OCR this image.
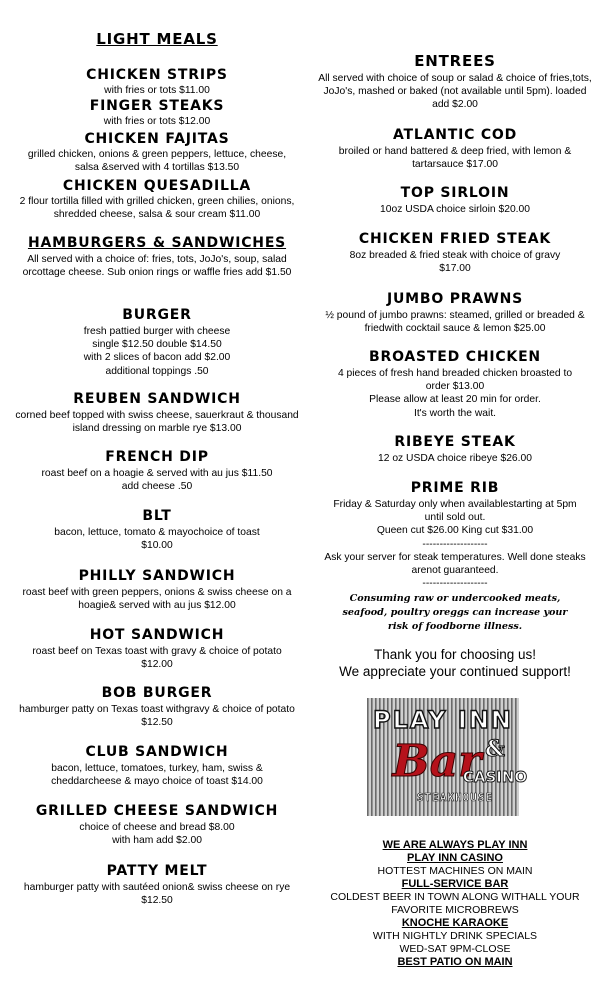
LIGHT MEALS
CHICKEN STRIPS
with fries or tots $11.00
FINGER STEAKS
with fries or tots $12.00
CHICKEN FAJITAS
grilled chicken, onions & green peppers, lettuce, cheese, salsa &served with 4 tortillas $13.50
CHICKEN QUESADILLA
2 flour tortilla filled with grilled chicken, green chilies, onions, shredded cheese, salsa & sour cream $11.00
HAMBURGERS & SANDWICHES
All served with a choice of: fries, tots, JoJo's, soup, salad orcottage cheese. Sub onion rings or waffle fries add $1.50
BURGER
fresh pattied burger with cheese
single $12.50 double $14.50
with 2 slices of bacon add $2.00
additional toppings .50
REUBEN SANDWICH
corned beef topped with swiss cheese, sauerkraut & thousand island dressing on marble rye $13.00
FRENCH DIP
roast beef on a hoagie & served with au jus $11.50
add cheese .50
BLT
bacon, lettuce, tomato & mayochoice of toast
$10.00
PHILLY SANDWICH
roast beef with green peppers, onions & swiss cheese on a hoagie& served with au jus $12.00
HOT SANDWICH
roast beef on Texas toast with gravy & choice of potato $12.00
BOB BURGER
hamburger patty on Texas toast withgravy & choice of potato $12.50
CLUB SANDWICH
bacon, lettuce, tomatoes, turkey, ham, swiss & cheddarcheese & mayo choice of toast $14.00
GRILLED CHEESE SANDWICH
choice of cheese and bread $8.00
with ham add $2.00
PATTY MELT
hamburger patty with sautéed onion& swiss cheese on rye $12.50
ENTREES
All served with choice of soup or salad & choice of fries,tots, JoJo's, mashed or baked (not available until 5pm). loaded add $2.00
ATLANTIC COD
broiled or hand battered & deep fried, with lemon & tartarsauce $17.00
TOP SIRLOIN
10oz USDA choice sirloin $20.00
CHICKEN FRIED STEAK
8oz breaded & fried steak with choice of gravy $17.00
JUMBO PRAWNS
½ pound of jumbo prawns: steamed, grilled or breaded & friedwith cocktail sauce & lemon $25.00
BROASTED CHICKEN
4 pieces of fresh hand breaded chicken broasted to order $13.00
Please allow at least 20 min for order.
It's worth the wait.
RIBEYE STEAK
12 oz USDA choice ribeye $26.00
PRIME RIB
Friday & Saturday only when availablestarting at 5pm until sold out.
Queen cut $26.00 King cut $31.00
-------------------
Ask your server for steak temperatures. Well done steaks arenot guaranteed.
-------------------
Consuming raw or undercooked meats, seafood, poultry oreggs can increase your risk of foodborne illness.
Thank you for choosing us!
We appreciate your continued support!
PLAY INN
Bar &
CASINO
STEAKHOUSE
WE ARE ALWAYS PLAY INN
PLAY INN CASINO
HOTTEST MACHINES ON MAIN
FULL-SERVICE BAR
COLDEST BEER IN TOWN ALONG WITHALL YOUR FAVORITE MICROBREWS
KNOCHE KARAOKE
WITH NIGHTLY DRINK SPECIALS
WED-SAT 9PM-CLOSE
BEST PATIO ON MAIN
